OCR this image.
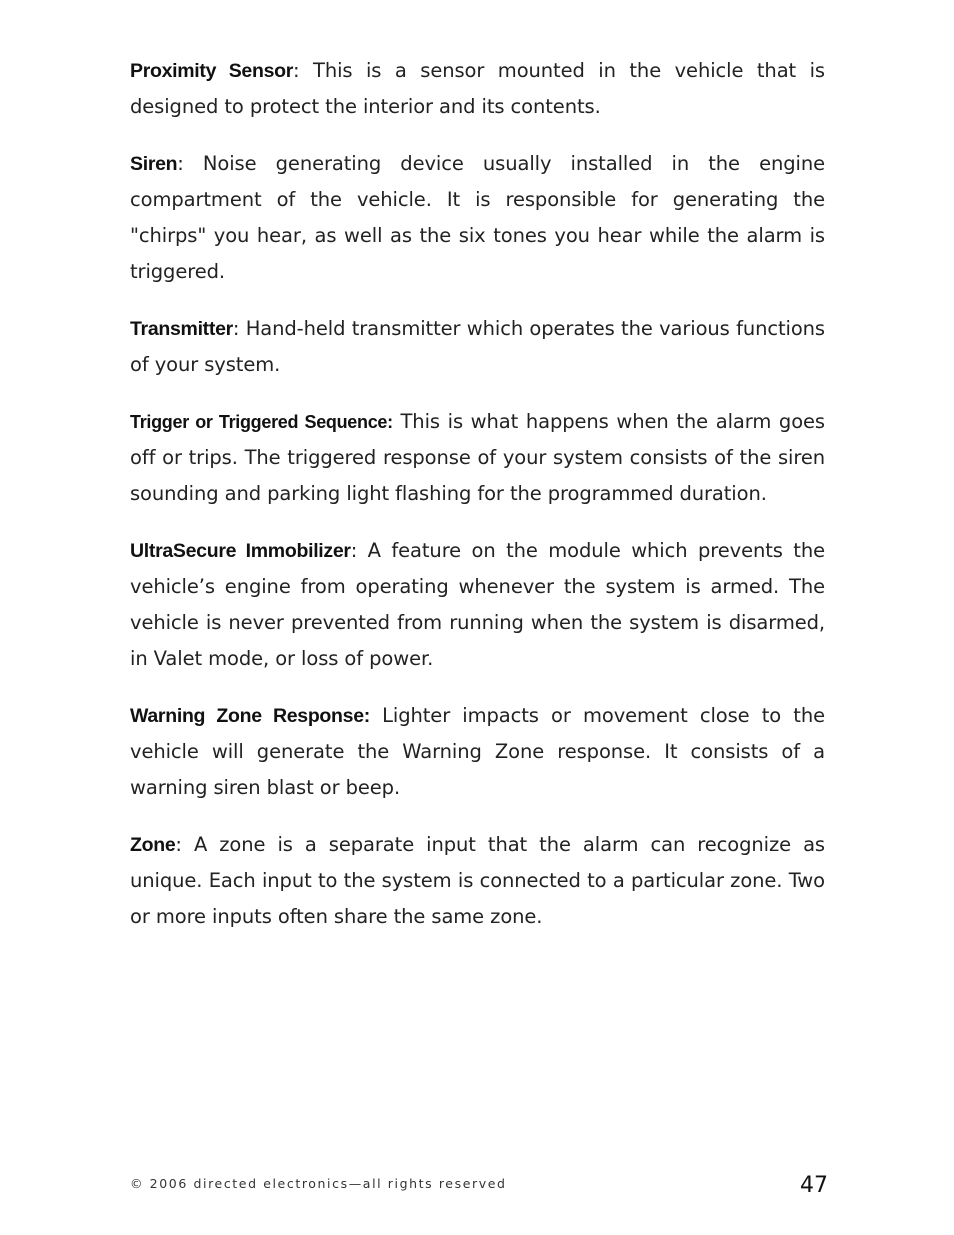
Proximity Sensor: This is a sensor mounted in the vehicle that is designed to protect the interior and its contents.

Siren: Noise generating device usually installed in the engine compartment of the vehicle. It is responsible for generating the "chirps" you hear, as well as the six tones you hear while the alarm is triggered.

Transmitter: Hand-held transmitter which operates the various functions of your system.

Trigger or Triggered Sequence: This is what happens when the alarm goes off or trips. The triggered response of your system consists of the siren sounding and parking light flashing for the programmed duration.

UltraSecure Immobilizer: A feature on the module which prevents the vehicle’s engine from operating whenever the system is armed. The vehicle is never prevented from running when the system is disarmed, in Valet mode, or loss of power.

Warning Zone Response: Lighter impacts or movement close to the vehicle will generate the Warning Zone response. It consists of a warning siren blast or beep.

Zone: A zone is a separate input that the alarm can recognize as unique. Each input to the system is connected to a particular zone. Two or more inputs often share the same zone.

© 2006 directed electronics—all rights reserved	47
